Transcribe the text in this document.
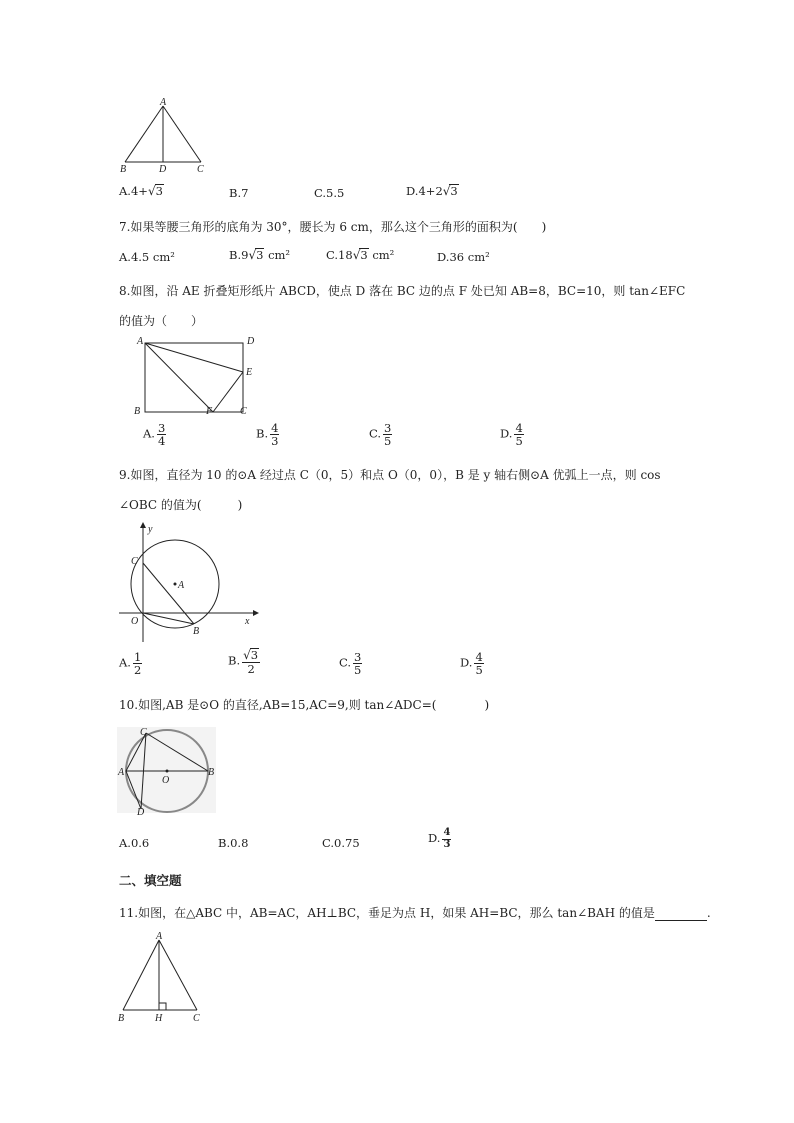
A
B	D	C
A.4+√3	B.7	C.5.5	D.4+2√3
7.如果等腰三角形的底角为 30°，腰长为 6 cm，那么这个三角形的面积为(　　)
A.4.5 cm²	B.9√3 cm²	C.18√3 cm²	D.36 cm²
8.如图，沿 AE 折叠矩形纸片 ABCD，使点 D 落在 BC 边的点 F 处已知 AB=8，BC=10，则 tan∠EFC
的值为（　　）
A	D
E
B	F	C
A. $\frac{3}{4}$	B. $\frac{4}{3}$	C. $\frac{3}{5}$	D. $\frac{4}{5}$
9.如图，直径为 10 的⊙A 经过点 C（0，5）和点 O（0，0），B 是 y 轴右侧⊙A 优弧上一点，则 cos
∠OBC 的值为(　　　)
y
x
C
A
O
B
A. $\frac{1}{2}$	B. $\frac{√3}{2}$	C. $\frac{3}{5}$	D. $\frac{4}{5}$
10.如图,AB 是⊙O 的直径,AB=15,AC=9,则 tan∠ADC=(　　　　)
C
A	B
O
D
A.0.6	B.0.8	C.0.75	D. $\frac{4}{3}$
二、填空题
11.如图，在△ABC 中，AB=AC，AH⊥BC，垂足为点 H，如果 AH=BC，那么 tan∠BAH 的值是	.
A
B	H	C
